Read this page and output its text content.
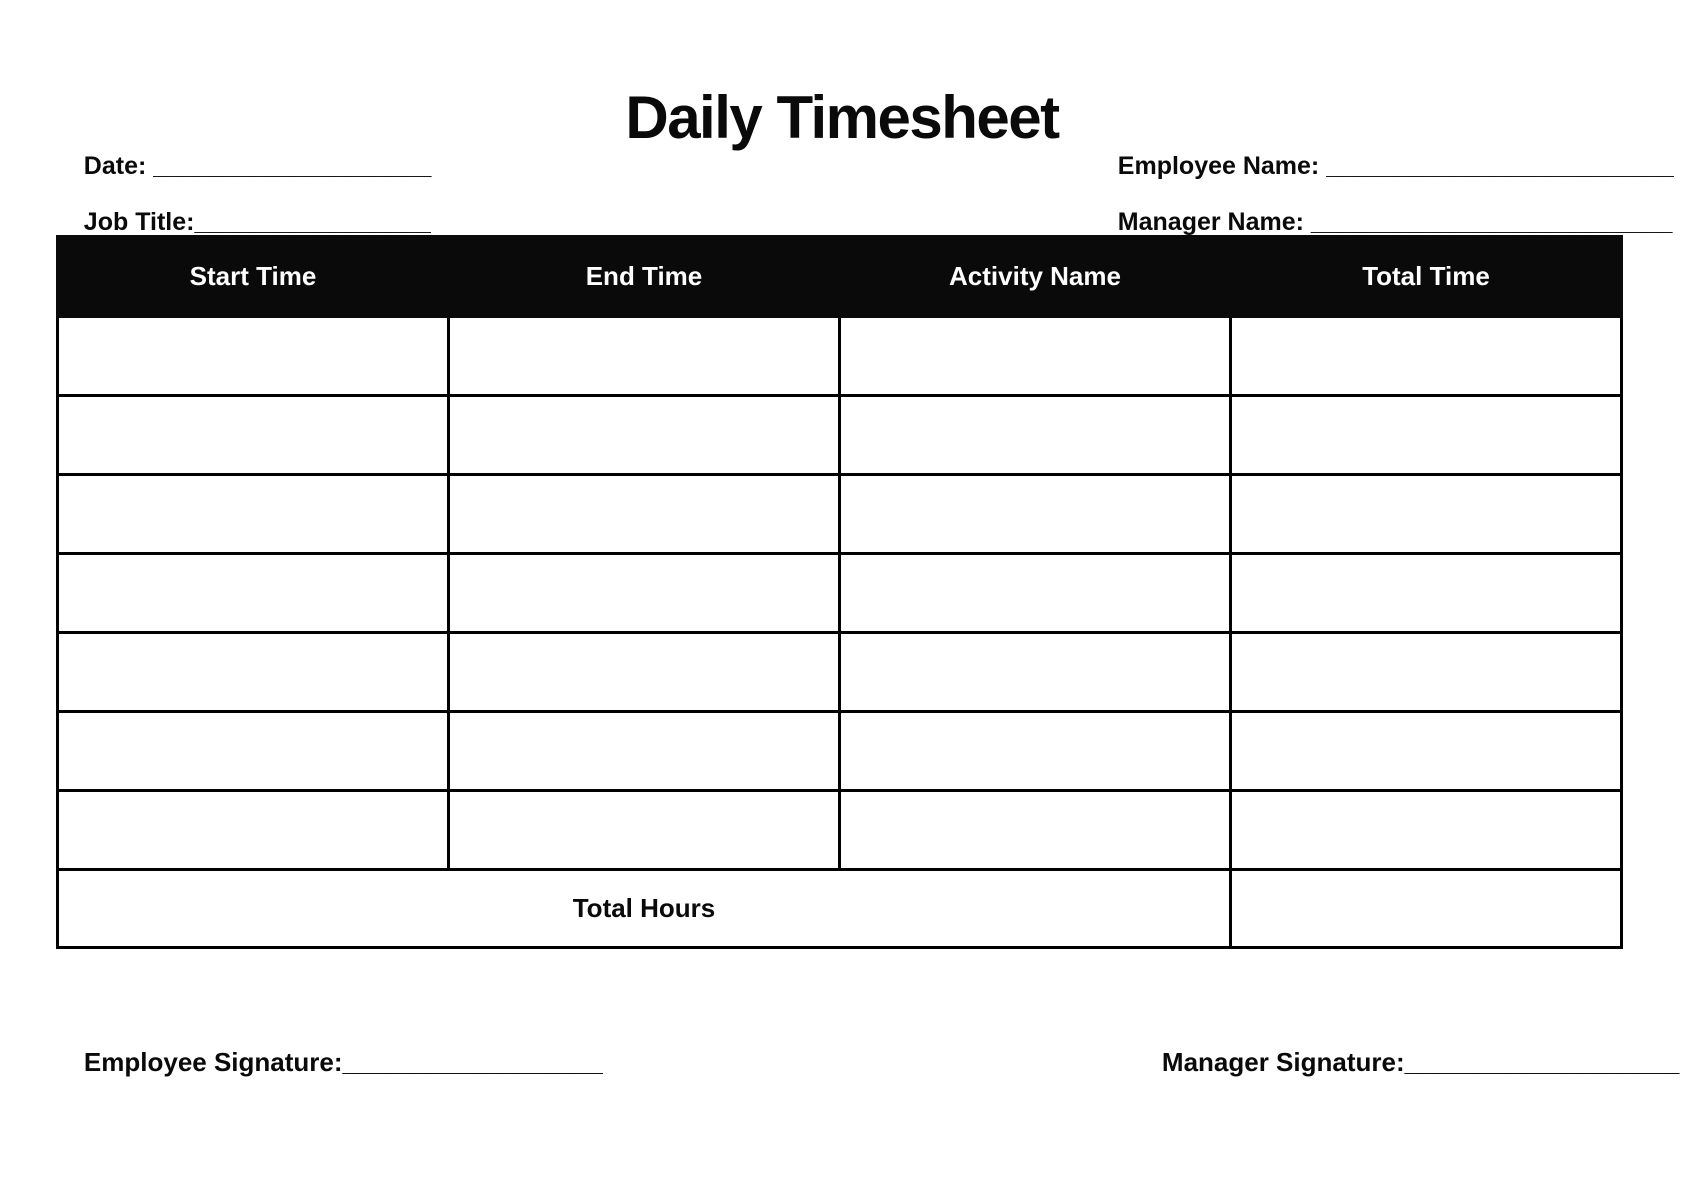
Daily Timesheet

Date: ____________________
	Employee Name: _________________________

Job Title:_________________
	Manager Name: __________________________

Start Time	End Time	Activity Name	Total Time

Total Hours			

Employee Signature:__________________
	Manager Signature:___________________
